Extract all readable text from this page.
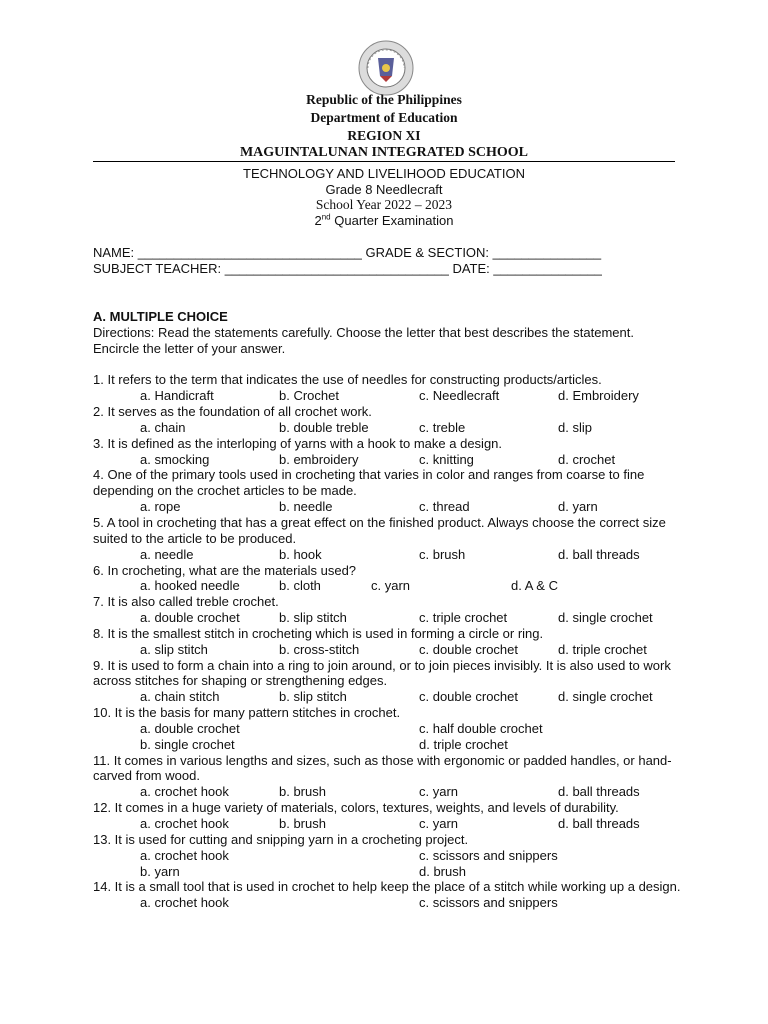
Republic of the Philippines
Department of Education
REGION XI
MAGUINTALUNAN INTEGRATED SCHOOL
TECHNOLOGY AND LIVELIHOOD EDUCATION
Grade 8 Needlecraft
School Year 2022 – 2023
2nd Quarter Examination
NAME: _______________________________ GRADE & SECTION: _______________
SUBJECT TEACHER: _______________________________ DATE: _______________
A. MULTIPLE CHOICE
Directions: Read the statements carefully. Choose the letter that best describes the statement. Encircle the letter of your answer.
1. It refers to the term that indicates the use of needles for constructing products/articles.
a. Handicraft	b. Crochet	c. Needlecraft	d. Embroidery
2. It serves as the foundation of all crochet work.
a. chain	b. double treble	c. treble	d. slip
3. It is defined as the interloping of yarns with a hook to make a design.
a. smocking	b. embroidery	c. knitting	d. crochet
4. One of the primary tools used in crocheting that varies in color and ranges from coarse to fine depending on the crochet articles to be made.
a. rope	b. needle	c. thread	d. yarn
5. A tool in crocheting that has a great effect on the finished product. Always choose the correct size suited to the article to be produced.
a. needle	b. hook	c. brush	d. ball threads
6. In crocheting, what are the materials used?
a. hooked needle	b. cloth	c. yarn	d. A & C
7. It is also called treble crochet.
a. double crochet	b. slip stitch	c. triple crochet	d. single crochet
8. It is the smallest stitch in crocheting which is used in forming a circle or ring.
a. slip stitch	b. cross-stitch	c. double crochet	d. triple crochet
9. It is used to form a chain into a ring to join around, or to join pieces invisibly. It is also used to work across stitches for shaping or strengthening edges.
a. chain stitch	b. slip stitch	c. double crochet	d. single crochet
10. It is the basis for many pattern stitches in crochet.
a. double crochet	c. half double crochet
b. single crochet	d. triple crochet
11. It comes in various lengths and sizes, such as those with ergonomic or padded handles, or hand-carved from wood.
a. crochet hook	b. brush	c. yarn	d. ball threads
12. It comes in a huge variety of materials, colors, textures, weights, and levels of durability.
a. crochet hook	b. brush	c. yarn	d. ball threads
13. It is used for cutting and snipping yarn in a crocheting project.
a. crochet hook	c. scissors and snippers
b. yarn	d. brush
14. It is a small tool that is used in crochet to help keep the place of a stitch while working up a design.
a. crochet hook	c. scissors and snippers
